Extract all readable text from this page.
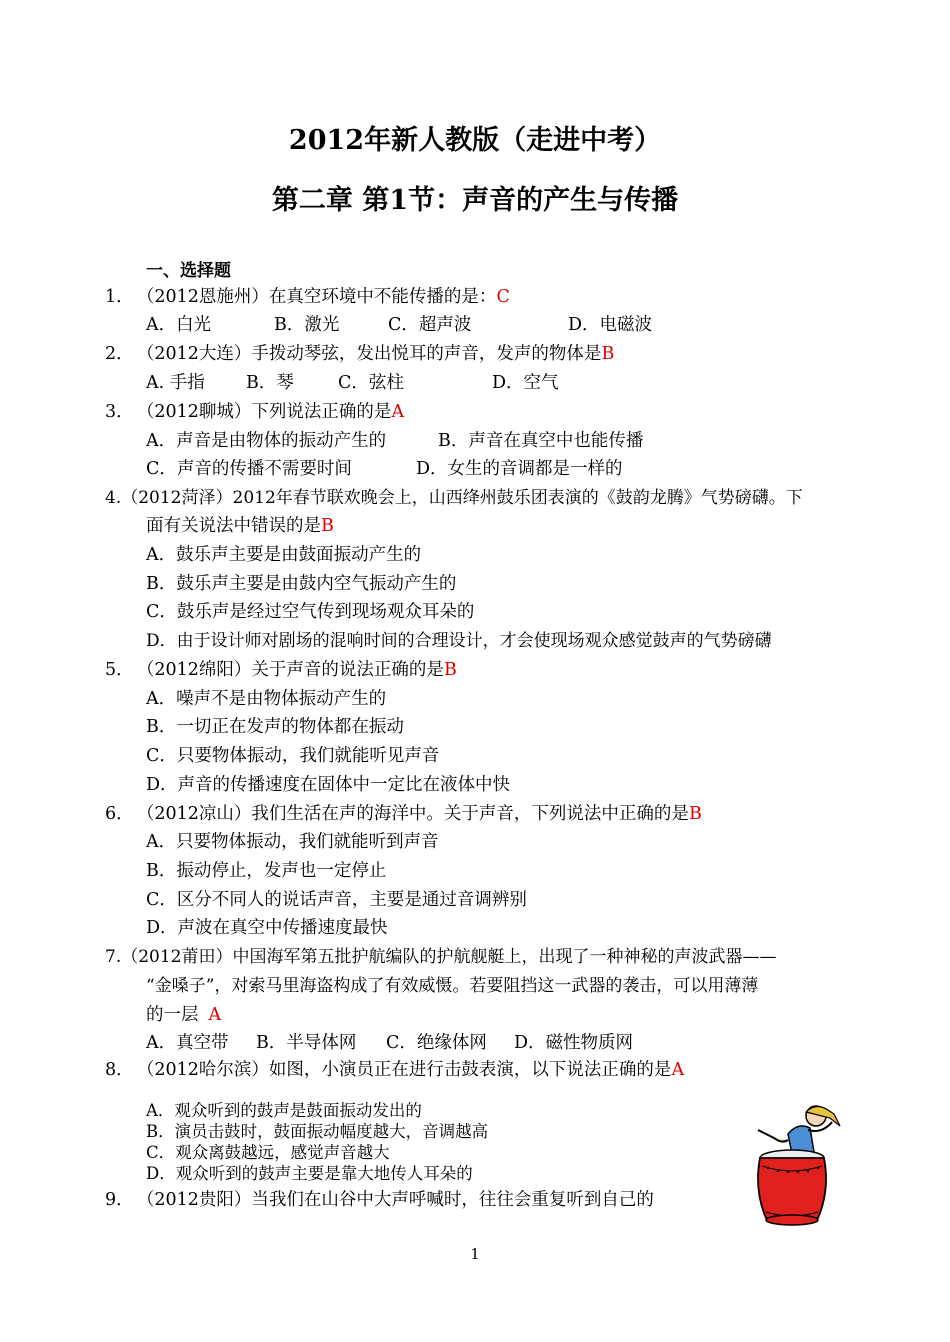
2012年新人教版（走进中考）
第二章 第1节：声音的产生与传播
一、选择题
1． （2012恩施州）在真空环境中不能传播的是：C
A．白光	B．激光	C．超声波	D．电磁波
2． （2012大连）手拨动琴弦，发出悦耳的声音，发声的物体是B
A. 手指 B．琴	C．弦柱	D．空气
3． （2012聊城）下列说法正确的是A
A．声音是由物体的振动产生的	B．声音在真空中也能传播
C．声音的传播不需要时间	D．女生的音调都是一样的
4.（2012菏泽）2012年春节联欢晚会上，山西绛州鼓乐团表演的《鼓韵龙腾》气势磅礴。下
面有关说法中错误的是B
A．鼓乐声主要是由鼓面振动产生的
B．鼓乐声主要是由鼓内空气振动产生的
C．鼓乐声是经过空气传到现场观众耳朵的
D．由于设计师对剧场的混响时间的合理设计，才会使现场观众感觉鼓声的气势磅礴
5． （2012绵阳）关于声音的说法正确的是B
A．噪声不是由物体振动产生的
B．一切正在发声的物体都在振动
C．只要物体振动，我们就能听见声音
D．声音的传播速度在固体中一定比在液体中快
6． （2012凉山）我们生活在声的海洋中。关于声音，下列说法中正确的是B
A．只要物体振动，我们就能听到声音
B．振动停止，发声也一定停止
C．区分不同人的说话声音，主要是通过音调辨别
D．声波在真空中传播速度最快
7.（2012莆田）中国海军第五批护航编队的护航舰艇上，出现了一种神秘的声波武器——
“金嗓子”，对索马里海盗构成了有效威慑。若要阻挡这一武器的袭击，可以用薄薄
的一层 A
A．真空带 B．半导体网 C．绝缘体网 D．磁性物质网
8． （2012哈尔滨）如图，小演员正在进行击鼓表演，以下说法正确的是A
A．观众听到的鼓声是鼓面振动发出的
B．演员击鼓时，鼓面振动幅度越大，音调越高
C．观众离鼓越远，感觉声音越大
D．观众听到的鼓声主要是靠大地传人耳朵的
9． （2012贵阳）当我们在山谷中大声呼喊时，往往会重复听到自己的
1
